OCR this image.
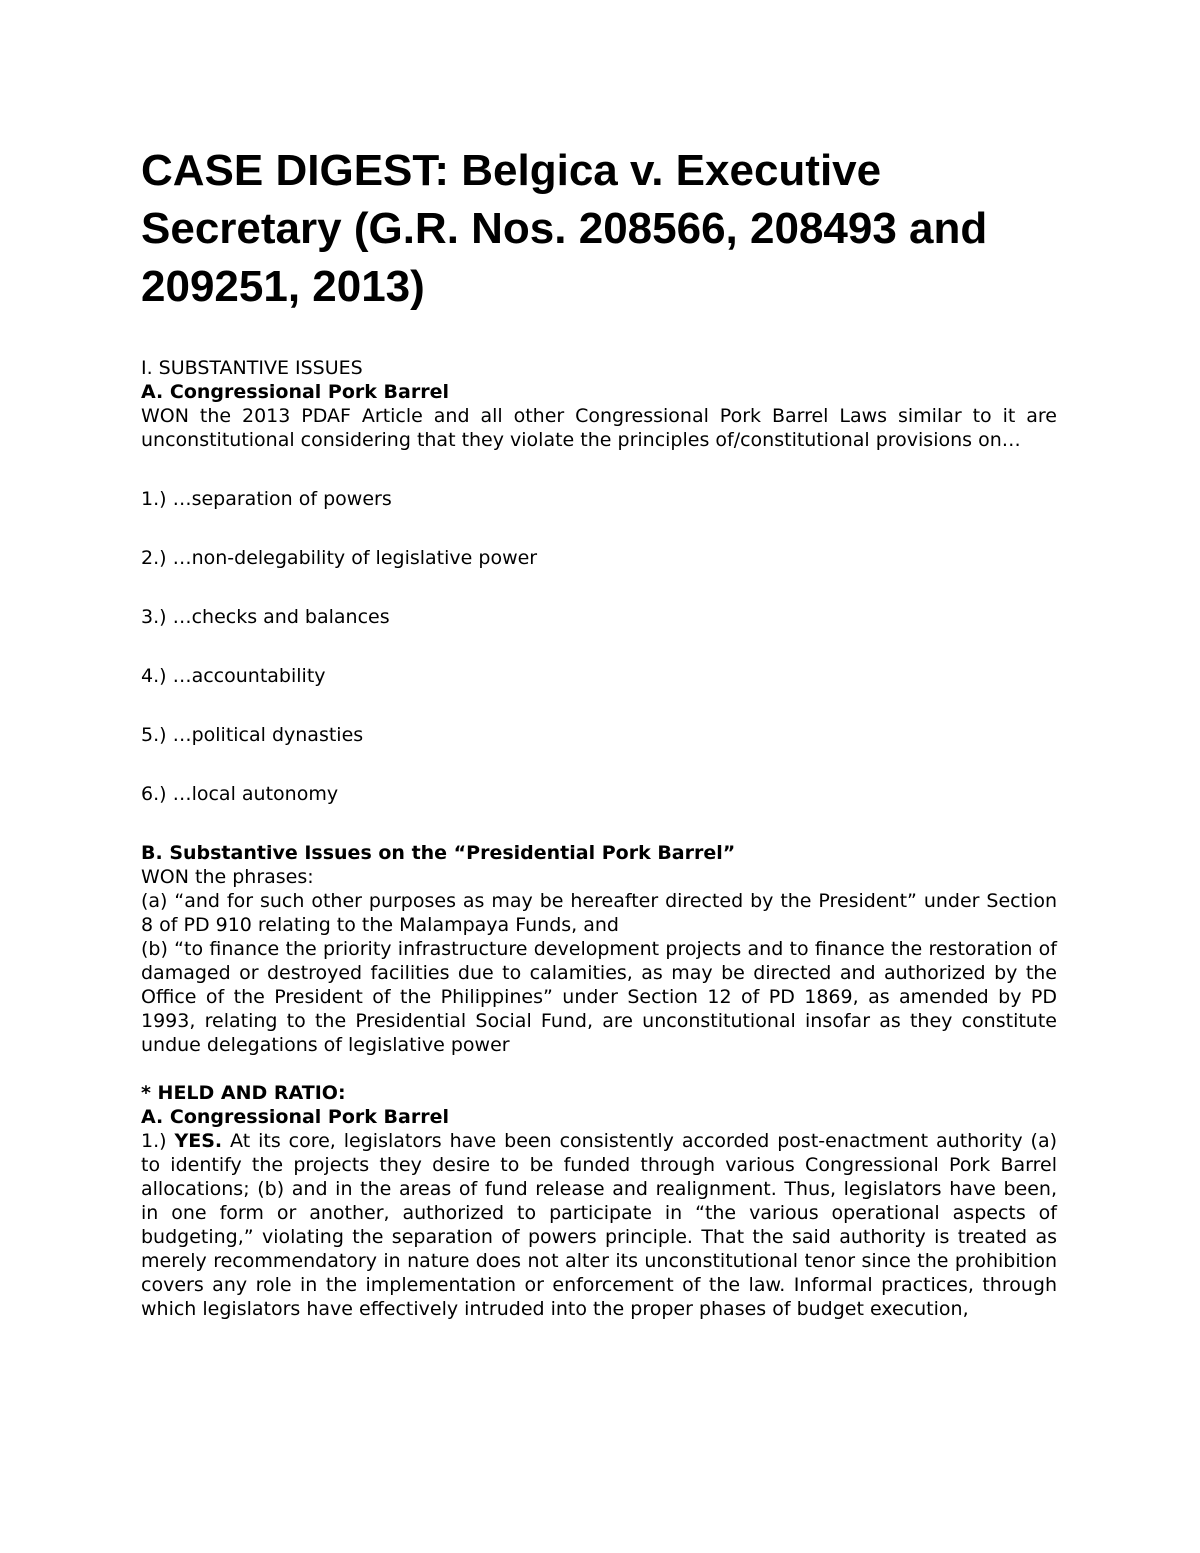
CASE DIGEST: Belgica v. Executive Secretary (G.R. Nos. 208566, 208493 and 209251, 2013)

I. SUBSTANTIVE ISSUES

A. Congressional Pork Barrel

WON the 2013 PDAF Article and all other Congressional Pork Barrel Laws similar to it are unconstitutional considering that they violate the principles of/constitutional provisions on…

1.) …separation of powers
2.) …non-delegability of legislative power
3.) …checks and balances
4.) …accountability
5.) …political dynasties
6.) …local autonomy

B. Substantive Issues on the “Presidential Pork Barrel”

WON the phrases:

(a) “and for such other purposes as may be hereafter directed by the President” under Section 8 of PD 910 relating to the Malampaya Funds, and

(b) “to finance the priority infrastructure development projects and to finance the restoration of damaged or destroyed facilities due to calamities, as may be directed and authorized by the Office of the President of the Philippines” under Section 12 of PD 1869, as amended by PD 1993, relating to the Presidential Social Fund, are unconstitutional insofar as they constitute undue delegations of legislative power

* HELD AND RATIO:

A. Congressional Pork Barrel

1.) YES. At its core, legislators have been consistently accorded post-enactment authority (a) to identify the projects they desire to be funded through various Congressional Pork Barrel allocations; (b) and in the areas of fund release and realignment. Thus, legislators have been, in one form or another, authorized to participate in “the various operational aspects of budgeting,” violating the separation of powers principle. That the said authority is treated as merely recommendatory in nature does not alter its unconstitutional tenor since the prohibition covers any role in the implementation or enforcement of the law. Informal practices, through which legislators have effectively intruded into the proper phases of budget execution,
